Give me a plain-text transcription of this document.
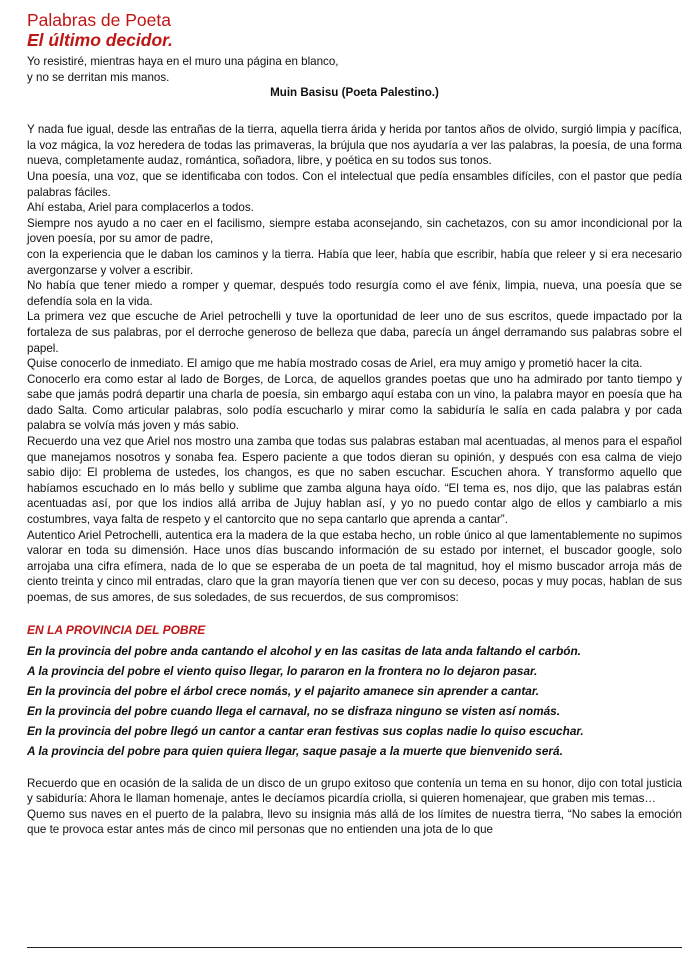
Palabras de Poeta
El último decidor.

Yo resistiré, mientras haya en el muro una página en blanco,

y no se derritan mis manos.

Muin Basisu (Poeta Palestino.)

Y nada fue igual, desde las entrañas de la tierra, aquella tierra árida y herida por tantos años de olvido, surgió limpia y pacífica, la voz mágica, la voz heredera de todas las primaveras, la brújula que nos ayudaría a ver las palabras, la poesía, de una forma nueva, completamente audaz, romántica, soñadora, libre, y poética en su todos sus tonos.

Una poesía, una voz, que se identificaba con todos. Con el intelectual que pedía ensambles difíciles, con el pastor que pedía palabras fáciles.

Ahí estaba, Ariel para complacerlos a todos.

Siempre nos ayudo a no caer en el facilismo, siempre estaba aconsejando, sin cachetazos, con su amor incondicional por la joven poesía, por su amor de padre,

con la experiencia que le daban los caminos y la tierra. Había que leer, había que escribir, había que releer y si era necesario avergonzarse y volver a escribir.

No había que tener miedo a romper y quemar, después todo resurgía como el ave fénix, limpia, nueva, una poesía que se defendía sola en la vida.

La primera vez que escuche de Ariel petrochelli y tuve la oportunidad de leer uno de sus escritos, quede impactado por la fortaleza de sus palabras, por el derroche generoso de belleza que daba, parecía un ángel derramando sus palabras sobre el papel.

Quise conocerlo de inmediato. El amigo que me había mostrado cosas de Ariel, era muy amigo y prometió hacer la cita.

Conocerlo era como estar al lado de Borges, de Lorca, de aquellos grandes poetas que uno ha admirado por tanto tiempo y sabe que jamás podrá departir una charla de poesía, sin embargo aquí estaba con un vino, la palabra mayor en poesía que ha dado Salta. Como articular palabras, solo podía escucharlo y mirar como la sabiduría le salía en cada palabra y por cada palabra se volvía más joven y más sabio.

Recuerdo una vez que Ariel nos mostro una zamba que todas sus palabras estaban mal acentuadas, al menos para el español que manejamos nosotros y sonaba fea. Espero paciente a que todos dieran su opinión, y después con esa calma de viejo sabio dijo: El problema de ustedes, los changos, es que no saben escuchar. Escuchen ahora. Y transformo aquello que habíamos escuchado en lo más bello y sublime que zamba alguna haya oído. “El tema es, nos dijo, que las palabras están acentuadas así, por que los indios allá arriba de Jujuy hablan así, y yo no puedo contar algo de ellos y cambiarlo a mis costumbres, vaya falta de respeto y el cantorcito que no sepa cantarlo que aprenda a cantar”.

Autentico Ariel Petrochelli, autentica era la madera de la que estaba hecho, un roble único al que lamentablemente no supimos valorar en toda su dimensión. Hace unos días buscando información de su estado por internet, el buscador google, solo arrojaba una cifra efímera, nada de lo que se esperaba de un poeta de tal magnitud, hoy el mismo buscador arroja más de ciento treinta y cinco mil entradas, claro que la gran mayoría tienen que ver con su deceso, pocas y muy pocas, hablan de sus poemas, de sus amores, de sus soledades, de sus recuerdos, de sus compromisos:

EN LA PROVINCIA DEL POBRE

En la provincia del pobre anda cantando el alcohol y en las casitas de lata anda faltando el carbón.

A la provincia del pobre el viento quiso llegar, lo pararon en la frontera no lo dejaron pasar.

En la provincia del pobre el árbol crece nomás, y el pajarito amanece sin aprender a cantar.

En la provincia del pobre cuando llega el carnaval, no se disfraza ninguno se visten así nomás.

En la provincia del pobre llegó un cantor a cantar eran festivas sus coplas nadie lo quiso escuchar.

A la provincia del pobre para quien quiera llegar, saque pasaje a la muerte que bienvenido será.

Recuerdo que en ocasión de la salida de un disco de un grupo exitoso que contenía un tema en su honor, dijo con total justicia y sabiduría: Ahora le llaman homenaje, antes le decíamos picardía criolla, si quieren homenajear, que graben mis temas…

Quemo sus naves en el puerto de la palabra, llevo su insignia más allá de los límites de nuestra tierra, “No sabes la emoción que te provoca estar antes más de cinco mil personas que no entienden una jota de lo que
